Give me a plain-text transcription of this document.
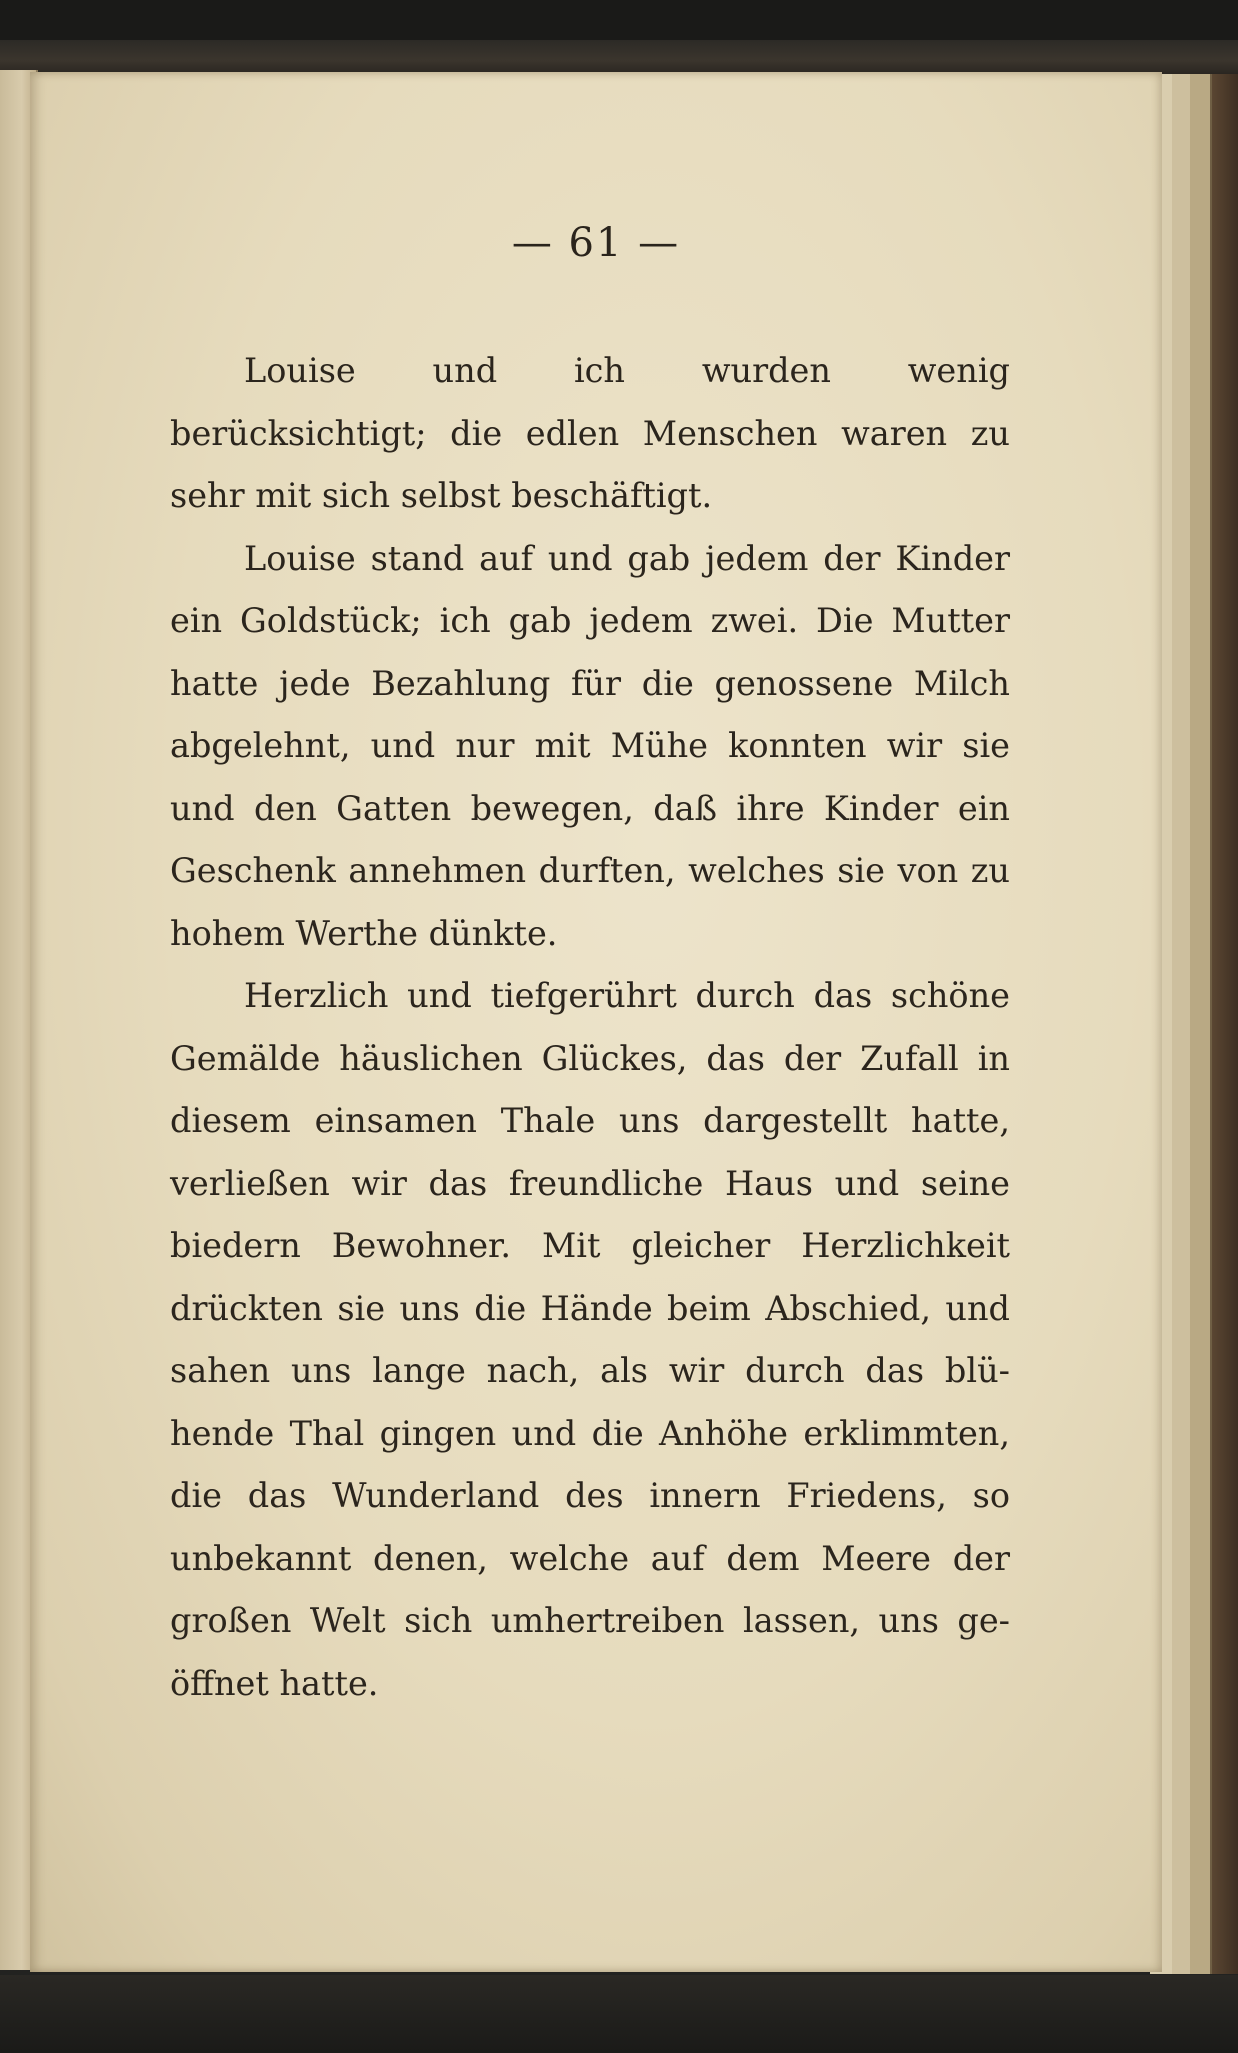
— 61 —

Louise und ich wurden wenig berücksichtigt; die edlen Menschen waren zu sehr mit sich selbst beschäftigt.

Louise stand auf und gab jedem der Kinder ein Goldstück; ich gab jedem zwei. Die Mutter hatte jede Bezahlung für die genossene Milch abgelehnt, und nur mit Mühe konnten wir sie und den Gatten bewegen, daß ihre Kinder ein Geschenk annehmen durften, welches sie von zu hohem Werthe dünkte.

Herzlich und tiefgerührt durch das schöne Gemälde häuslichen Glückes, das der Zufall in diesem einsamen Thale uns dargestellt hatte, verließen wir das freundliche Haus und seine biedern Bewohner. Mit gleicher Herzlichkeit drückten sie uns die Hände beim Abschied, und sahen uns lange nach, als wir durch das blühende Thal gingen und die Anhöhe erklimmten, die das Wunderland des innern Friedens, so unbekannt denen, welche auf dem Meere der großen Welt sich umhertreiben lassen, uns geöffnet hatte.
